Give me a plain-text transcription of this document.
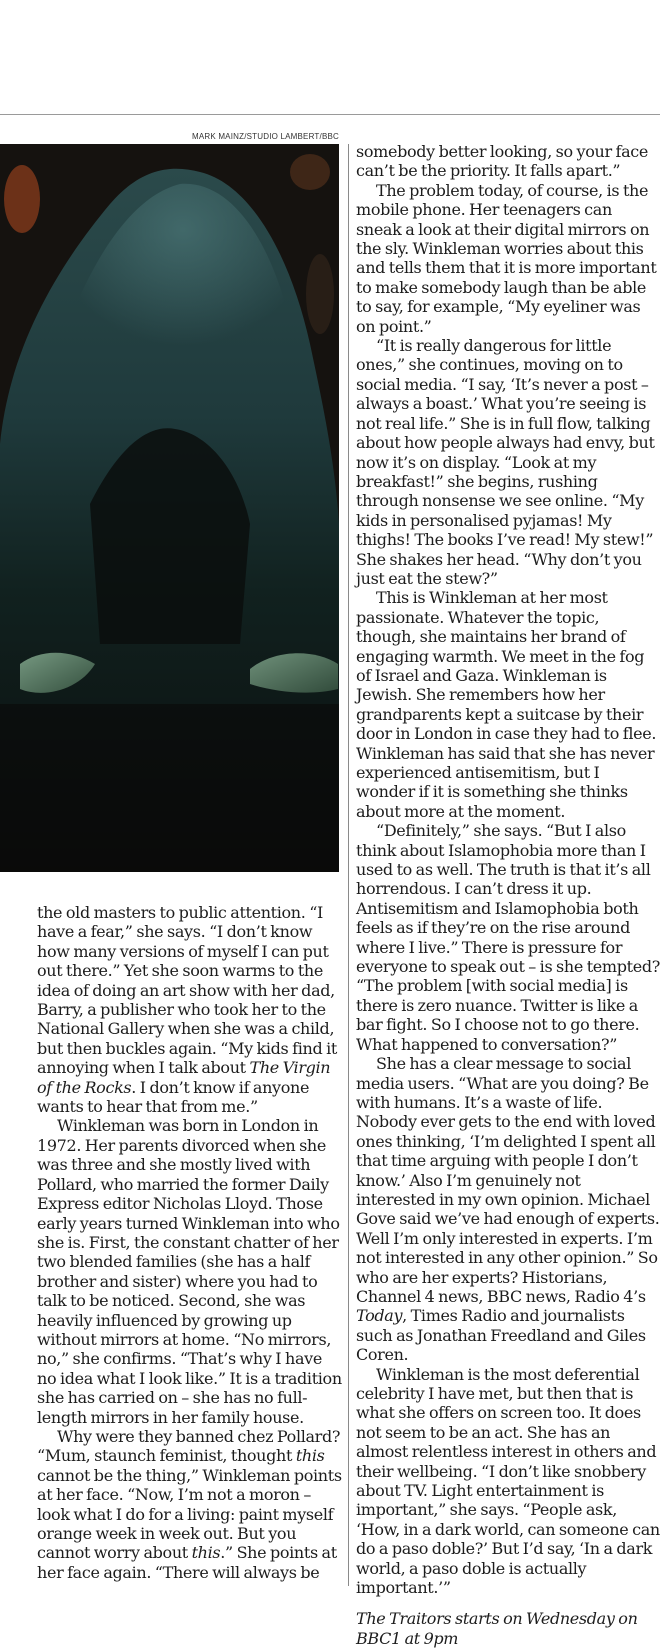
MARK MAINZ/STUDIO LAMBERT/BBC

the old masters to public attention. “I have a fear,” she says. “I don’t know how many versions of myself I can put out there.” Yet she soon warms to the idea of doing an art show with her dad, Barry, a publisher who took her to the National Gallery when she was a child, but then buckles again. “My kids find it annoying when I talk about The Virgin of the Rocks. I don’t know if anyone wants to hear that from me.”

Winkleman was born in London in 1972. Her parents divorced when she was three and she mostly lived with Pollard, who married the former Daily Express editor Nicholas Lloyd. Those early years turned Winkleman into who she is. First, the constant chatter of her two blended families (she has a half brother and sister) where you had to talk to be noticed. Second, she was heavily influenced by growing up without mirrors at home. “No mirrors, no,” she confirms. “That’s why I have no idea what I look like.” It is a tradition she has carried on – she has no full-length mirrors in her family house.

Why were they banned chez Pollard? “Mum, staunch feminist, thought this cannot be the thing,” Winkleman points at her face. “Now, I’m not a moron – look what I do for a living: paint myself orange week in week out. But you cannot worry about this.” She points at her face again. “There will always be

somebody better looking, so your face can’t be the priority. It falls apart.”

The problem today, of course, is the mobile phone. Her teenagers can sneak a look at their digital mirrors on the sly. Winkleman worries about this and tells them that it is more important to make somebody laugh than be able to say, for example, “My eyeliner was on point.”

“It is really dangerous for little ones,” she continues, moving on to social media. “I say, ‘It’s never a post – always a boast.’ What you’re seeing is not real life.” She is in full flow, talking about how people always had envy, but now it’s on display. “Look at my breakfast!” she begins, rushing through nonsense we see online. “My kids in personalised pyjamas! My thighs! The books I’ve read! My stew!” She shakes her head. “Why don’t you just eat the stew?”

This is Winkleman at her most passionate. Whatever the topic, though, she maintains her brand of engaging warmth. We meet in the fog of Israel and Gaza. Winkleman is Jewish. She remembers how her grandparents kept a suitcase by their door in London in case they had to flee. Winkleman has said that she has never experienced antisemitism, but I wonder if it is something she thinks about more at the moment.

“Definitely,” she says. “But I also think about Islamophobia more than I used to as well. The truth is that it’s all horrendous. I can’t dress it up. Antisemitism and Islamophobia both feels as if they’re on the rise around where I live.” There is pressure for everyone to speak out – is she tempted? “The problem [with social media] is there is zero nuance. Twitter is like a bar fight. So I choose not to go there. What happened to conversation?”

She has a clear message to social media users. “What are you doing? Be with humans. It’s a waste of life. Nobody ever gets to the end with loved ones thinking, ‘I’m delighted I spent all that time arguing with people I don’t know.’ Also I’m genuinely not interested in my own opinion. Michael Gove said we’ve had enough of experts. Well I’m only interested in experts. I’m not interested in any other opinion.” So who are her experts? Historians, Channel 4 news, BBC news, Radio 4’s Today, Times Radio and journalists such as Jonathan Freedland and Giles Coren.

Winkleman is the most deferential celebrity I have met, but then that is what she offers on screen too. It does not seem to be an act. She has an almost relentless interest in others and their wellbeing. “I don’t like snobbery about TV. Light entertainment is important,” she says. “People ask, ‘How, in a dark world, can someone can do a paso doble?’ But I’d say, ‘In a dark world, a paso doble is actually important.’”

The Traitors starts on Wednesday on BBC1 at 9pm
